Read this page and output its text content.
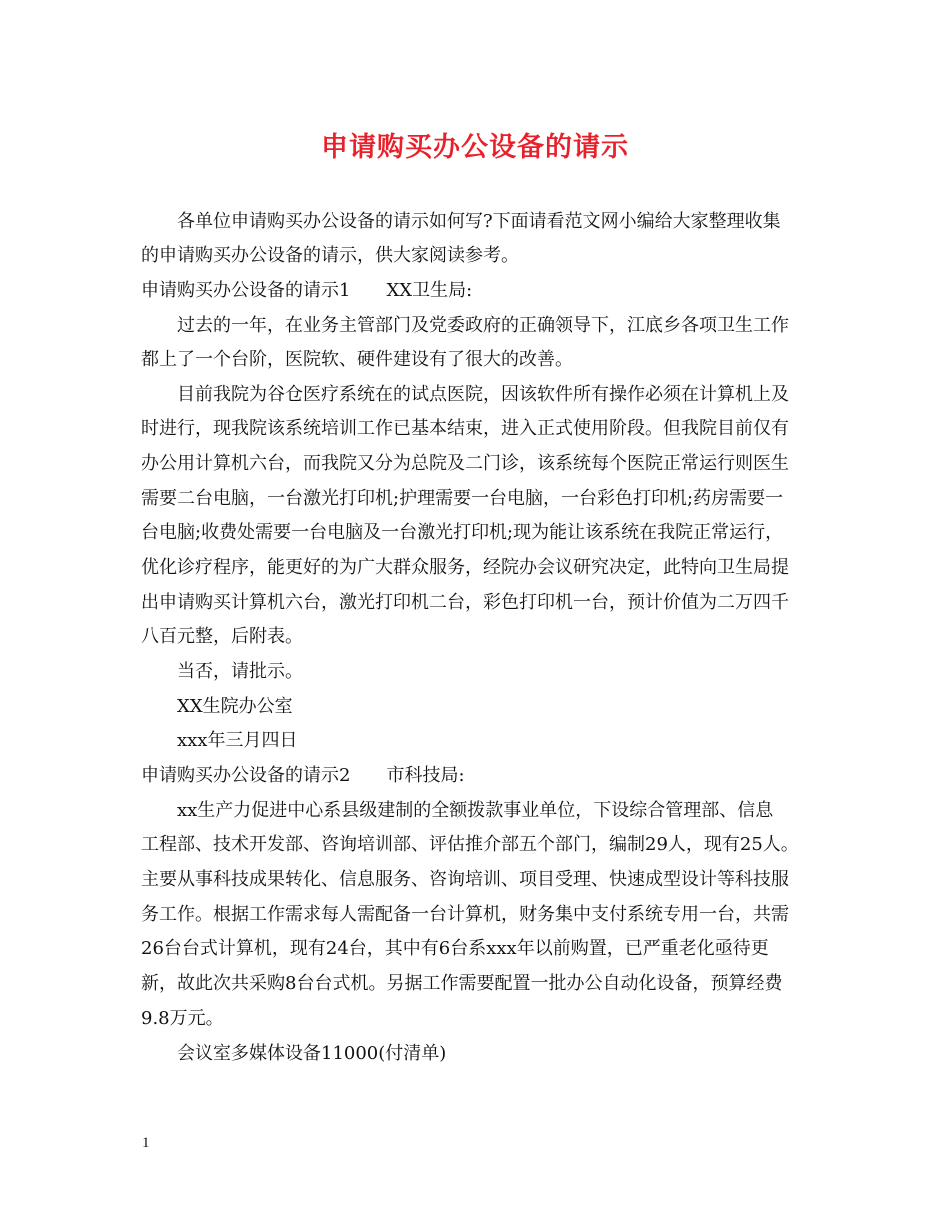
申请购买办公设备的请示
各单位申请购买办公设备的请示如何写?下面请看范文网小编给大家整理收集
的申请购买办公设备的请示，供大家阅读参考。
申请购买办公设备的请示1　　XX卫生局:
过去的一年，在业务主管部门及党委政府的正确领导下，江底乡各项卫生工作
都上了一个台阶，医院软、硬件建设有了很大的改善。
目前我院为谷仓医疗系统在的试点医院，因该软件所有操作必须在计算机上及
时进行，现我院该系统培训工作已基本结束，进入正式使用阶段。但我院目前仅有
办公用计算机六台，而我院又分为总院及二门诊，该系统每个医院正常运行则医生
需要二台电脑，一台激光打印机;护理需要一台电脑，一台彩色打印机;药房需要一
台电脑;收费处需要一台电脑及一台激光打印机;现为能让该系统在我院正常运行，
优化诊疗程序，能更好的为广大群众服务，经院办会议研究决定，此特向卫生局提
出申请购买计算机六台，激光打印机二台，彩色打印机一台，预计价值为二万四千
八百元整，后附表。
当否，请批示。
XX生院办公室
xxx年三月四日
申请购买办公设备的请示2　　市科技局:
xx生产力促进中心系县级建制的全额拨款事业单位，下设综合管理部、信息
工程部、技术开发部、咨询培训部、评估推介部五个部门，编制29人，现有25人。
主要从事科技成果转化、信息服务、咨询培训、项目受理、快速成型设计等科技服
务工作。根据工作需求每人需配备一台计算机，财务集中支付系统专用一台，共需
26台台式计算机，现有24台，其中有6台系xxx年以前购置，已严重老化亟待更
新，故此次共采购8台台式机。另据工作需要配置一批办公自动化设备，预算经费
9.8万元。
会议室多媒体设备11000(付清单)
1
